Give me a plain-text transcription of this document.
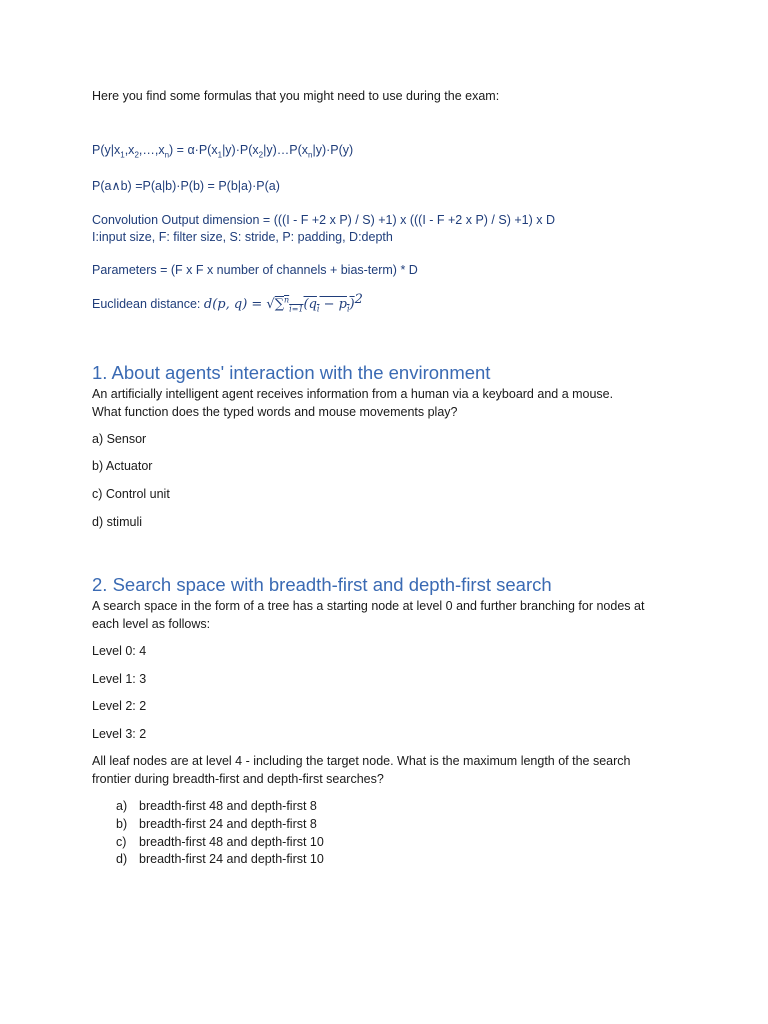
Here you find some formulas that you might need to use during the exam:
$P(y|x_1,x_2,\dots,x_n)$ = $\alpha\cdot P(x_1|y)\cdot P(x_2|y)\dots P(x_n|y)\cdot P(y)$
P(a∧b) =P(a|b)·P(b) = P(b|a)·P(a)
Convolution Output dimension = (((I - F +2 x P) / S) +1) x (((I - F +2 x P) / S) +1) x D
I:input size, F: filter size, S: stride, P: padding, D:depth
Parameters = (F x F x number of channels + bias-term) * D
Euclidean distance: d(p, $q) = √\sum^n_{i=1}(q_i - p_i)^2$
1. About agents' interaction with the environment
An artificially intelligent agent receives information from a human via a keyboard and a mouse.
What function does the typed words and mouse movements play?
a) Sensor
b) Actuator
c) Control unit
d) stimuli
2. Search space with breadth-first and depth-first search
A search space in the form of a tree has a starting node at level 0 and further branching for nodes at
each level as follows:
Level 0: 4
Level 1: 3
Level 2: 2
Level 3: 2
All leaf nodes are at level 4 - including the target node. What is the maximum length of the search
frontier during breadth-first and depth-first searches?
a) breadth-first 48 and depth-first 8
b) breadth-first 24 and depth-first 8
c) breadth-first 48 and depth-first 10
d) breadth-first 24 and depth-first 10
